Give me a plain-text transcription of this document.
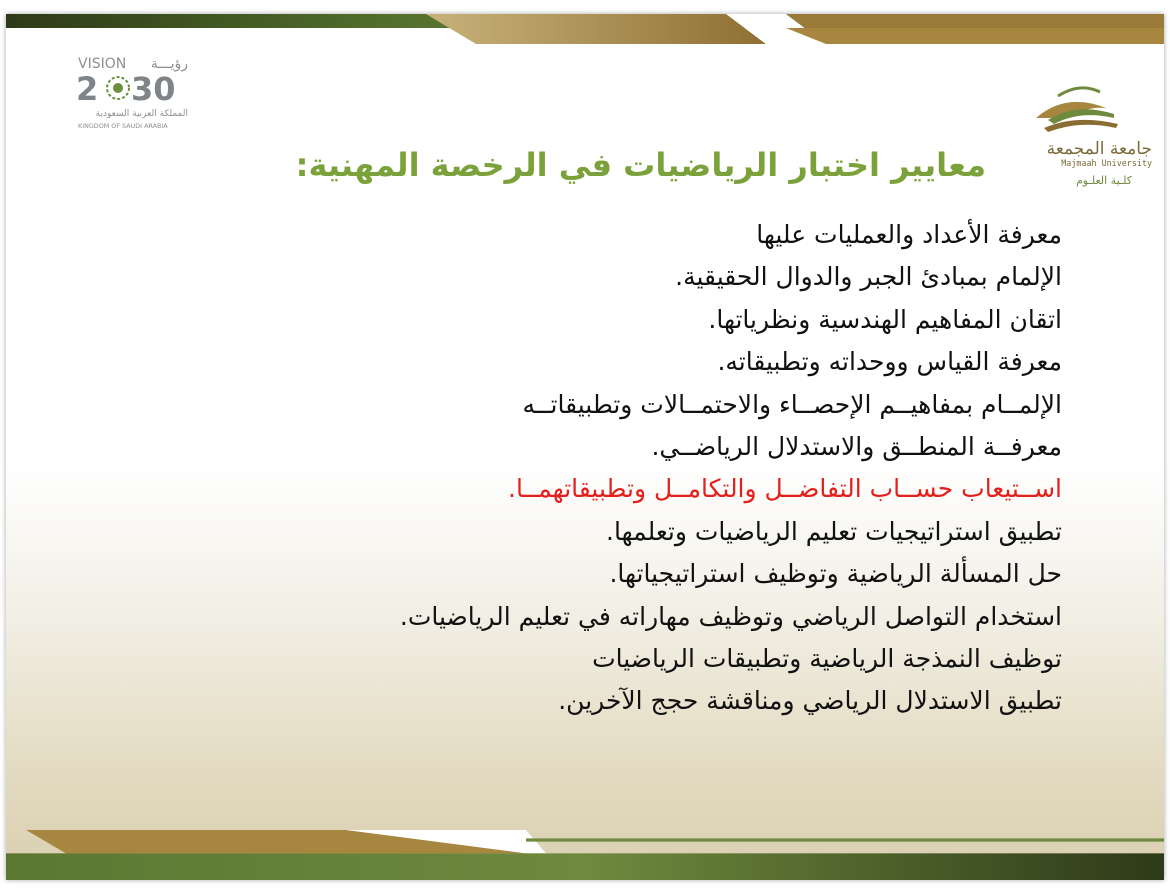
VISION رؤيـــة
2 30
المملكة العربية السعودية
KINGDOM OF SAUDI ARABIA
جامعة المجمعة
Majmaah University
كلـية العلـوم
معايير اختبار الرياضيات في الرخصة المهنية:
معرفة الأعداد والعمليات عليها
الإلمام بمبادئ الجبر والدوال الحقيقية.
اتقان المفاهيم الهندسية ونظرياتها.
معرفة القياس ووحداته وتطبيقاته.
الإلمــام بمفاهيــم الإحصــاء والاحتمــالات وتطبيقاتــه
معرفــة المنطــق والاستدلال الرياضــي.
اســتيعاب حســاب التفاضــل والتكامــل وتطبيقاتهمــا.
تطبيق استراتيجيات تعليم الرياضيات وتعلمها.
حل المسألة الرياضية وتوظيف استراتيجياتها.
استخدام التواصل الرياضي وتوظيف مهاراته في تعليم الرياضيات.
توظيف النمذجة الرياضية وتطبيقات الرياضيات
تطبيق الاستدلال الرياضي ومناقشة حجج الآخرين.
